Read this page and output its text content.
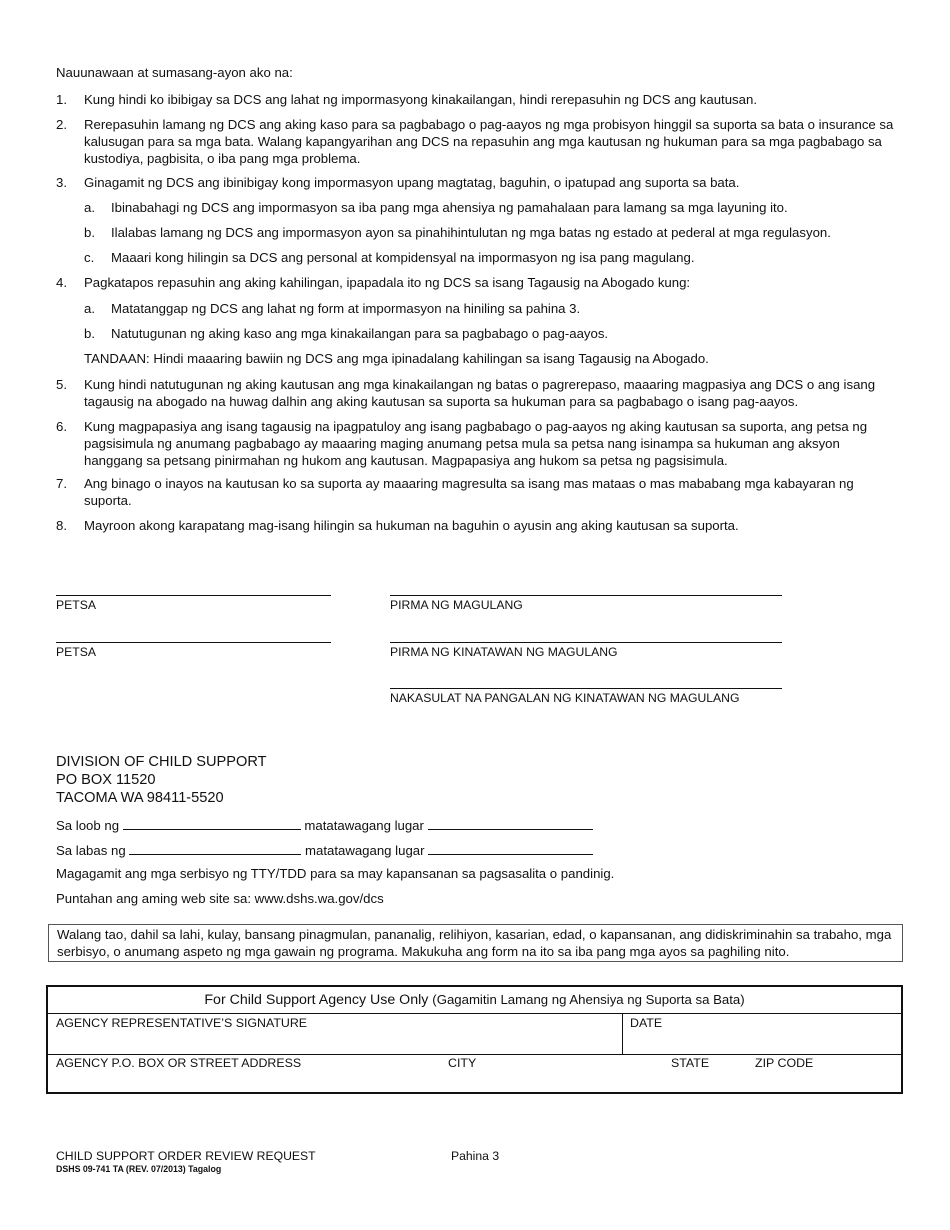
Nauunawaan at sumasang-ayon ako na:
1. Kung hindi ko ibibigay sa DCS ang lahat ng impormasyong kinakailangan, hindi rerepasuhin ng DCS ang kautusan.
2. Rerepasuhin lamang ng DCS ang aking kaso para sa pagbabago o pag-aayos ng mga probisyon hinggil sa suporta sa bata o insurance sa kalusugan para sa mga bata. Walang kapangyarihan ang DCS na repasuhin ang mga kautusan ng hukuman para sa mga pagbabago sa kustodiya, pagbisita, o iba pang mga problema.
3. Ginagamit ng DCS ang ibinibigay kong impormasyon upang magtatag, baguhin, o ipatupad ang suporta sa bata.
a. Ibinabahagi ng DCS ang impormasyon sa iba pang mga ahensiya ng pamahalaan para lamang sa mga layuning ito.
b. Ilalabas lamang ng DCS ang impormasyon ayon sa pinahihintulutan ng mga batas ng estado at pederal at mga regulasyon.
c. Maaari kong hilingin sa DCS ang personal at kompidensyal na impormasyon ng isa pang magulang.
4. Pagkatapos repasuhin ang aking kahilingan, ipapadala ito ng DCS sa isang Tagausig na Abogado kung:
a. Matatanggap ng DCS ang lahat ng form at impormasyon na hiniling sa pahina 3.
b. Natutugunan ng aking kaso ang mga kinakailangan para sa pagbabago o pag-aayos.
TANDAAN: Hindi maaaring bawiin ng DCS ang mga ipinadalang kahilingan sa isang Tagausig na Abogado.
5. Kung hindi natutugunan ng aking kautusan ang mga kinakailangan ng batas o pagrerepaso, maaaring magpasiya ang DCS o ang isang tagausig na abogado na huwag dalhin ang aking kautusan sa suporta sa hukuman para sa pagbabago o isang pag-aayos.
6. Kung magpapasiya ang isang tagausig na ipagpatuloy ang isang pagbabago o pag-aayos ng aking kautusan sa suporta, ang petsa ng pagsisimula ng anumang pagbabago ay maaaring maging anumang petsa mula sa petsa nang isinampa sa hukuman ang aksyon hanggang sa petsang pinirmahan ng hukom ang kautusan. Magpapasiya ang hukom sa petsa ng pagsisimula.
7. Ang binago o inayos na kautusan ko sa suporta ay maaaring magresulta sa isang mas mataas o mas mababang mga kabayaran ng suporta.
8. Mayroon akong karapatang mag-isang hilingin sa hukuman na baguhin o ayusin ang aking kautusan sa suporta.
PETSA	PIRMA NG MAGULANG
PETSA	PIRMA NG KINATAWAN NG MAGULANG
NAKASULAT NA PANGALAN NG KINATAWAN NG MAGULANG
DIVISION OF CHILD SUPPORT
PO BOX 11520
TACOMA WA 98411-5520
Sa loob ng	matatawagang lugar
Sa labas ng	matatawagang lugar
Magagamit ang mga serbisyo ng TTY/TDD para sa may kapansanan sa pagsasalita o pandinig.
Puntahan ang aming web site sa: www.dshs.wa.gov/dcs
Walang tao, dahil sa lahi, kulay, bansang pinagmulan, pananalig, relihiyon, kasarian, edad, o kapansanan, ang didiskriminahin sa trabaho, mga serbisyo, o anumang aspeto ng mga gawain ng programa. Makukuha ang form na ito sa iba pang mga ayos sa paghiling nito.
For Child Support Agency Use Only (Gagamitin Lamang ng Ahensiya ng Suporta sa Bata)
AGENCY REPRESENTATIVE’S SIGNATURE	DATE
AGENCY P.O. BOX OR STREET ADDRESS	CITY	STATE	ZIP CODE
CHILD SUPPORT ORDER REVIEW REQUEST
DSHS 09-741 TA (REV. 07/2013) Tagalog
Pahina 3
